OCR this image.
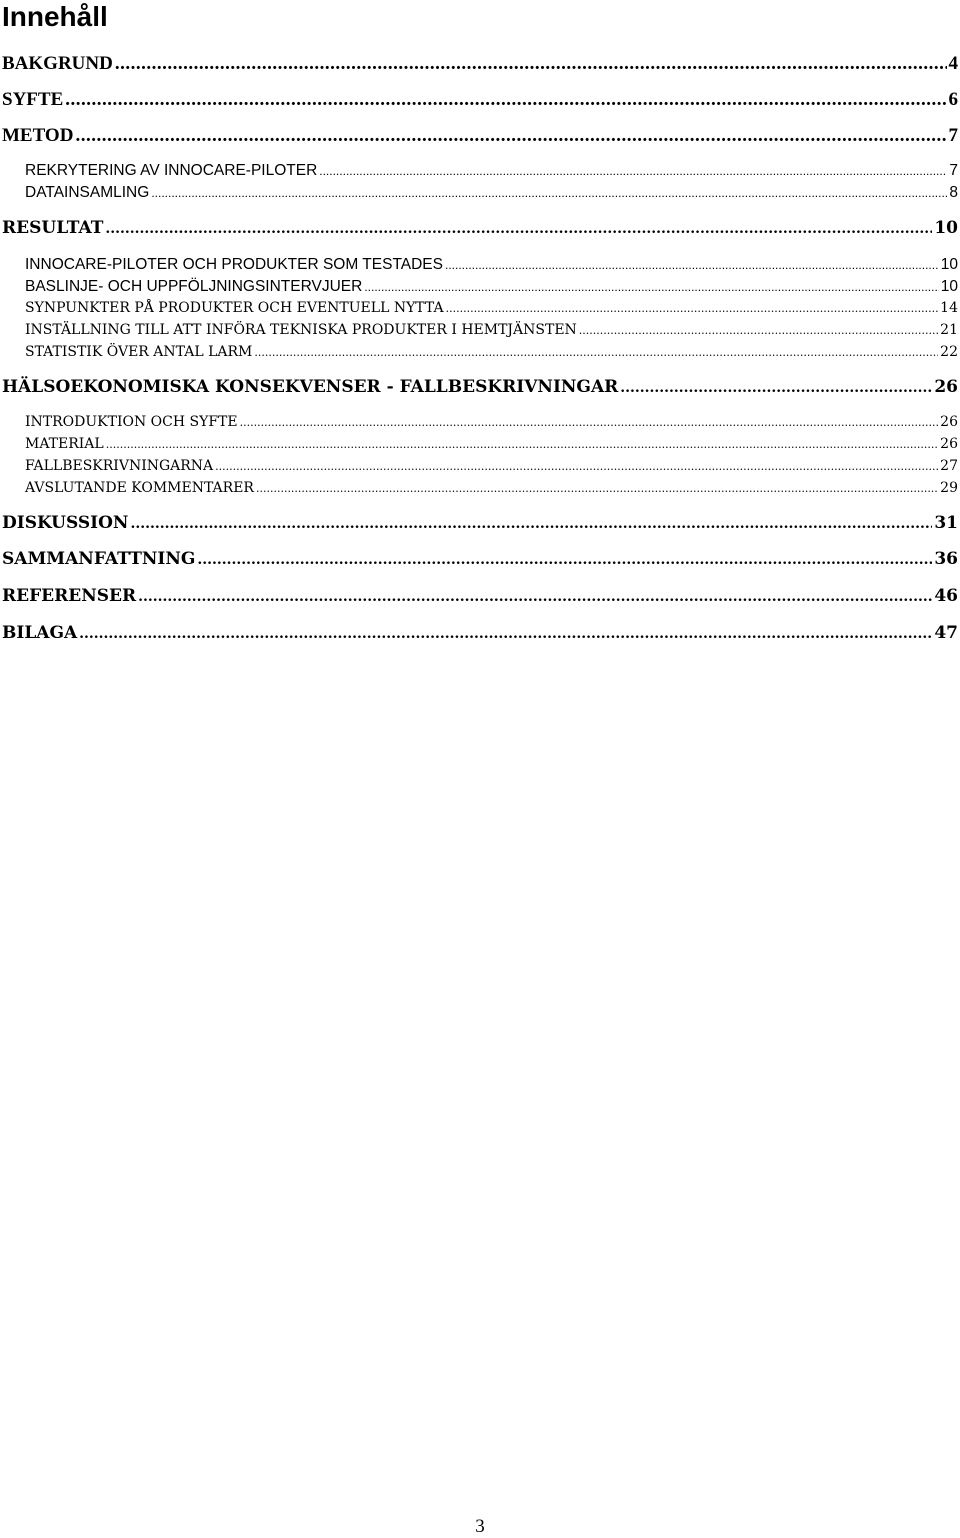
Innehåll
BAKGRUND .....	4
SYFTE .....	6
METOD .....	7
REKRYTERING AV INNOCARE-PILOTER .....	7
DATAINSAMLING .....	8
RESULTAT .....	10
INNOCARE-PILOTER OCH PRODUKTER SOM TESTADES .....	10
BASLINJE- OCH UPPFÖLJNINGSINTERVJUER .....	10
SYNPUNKTER PÅ PRODUKTER OCH EVENTUELL NYTTA .....	14
INSTÄLLNING TILL ATT INFÖRA TEKNISKA PRODUKTER I HEMTJÄNSTEN .....	21
STATISTIK ÖVER ANTAL LARM .....	22
HÄLSOEKONOMISKA KONSEKVENSER - FALLBESKRIVNINGAR .....	26
INTRODUKTION OCH SYFTE .....	26
MATERIAL .....	26
FALLBESKRIVNINGARNA .....	27
AVSLUTANDE KOMMENTARER .....	29
DISKUSSION .....	31
SAMMANFATTNING .....	36
REFERENSER .....	46
BILAGA .....	47

3
